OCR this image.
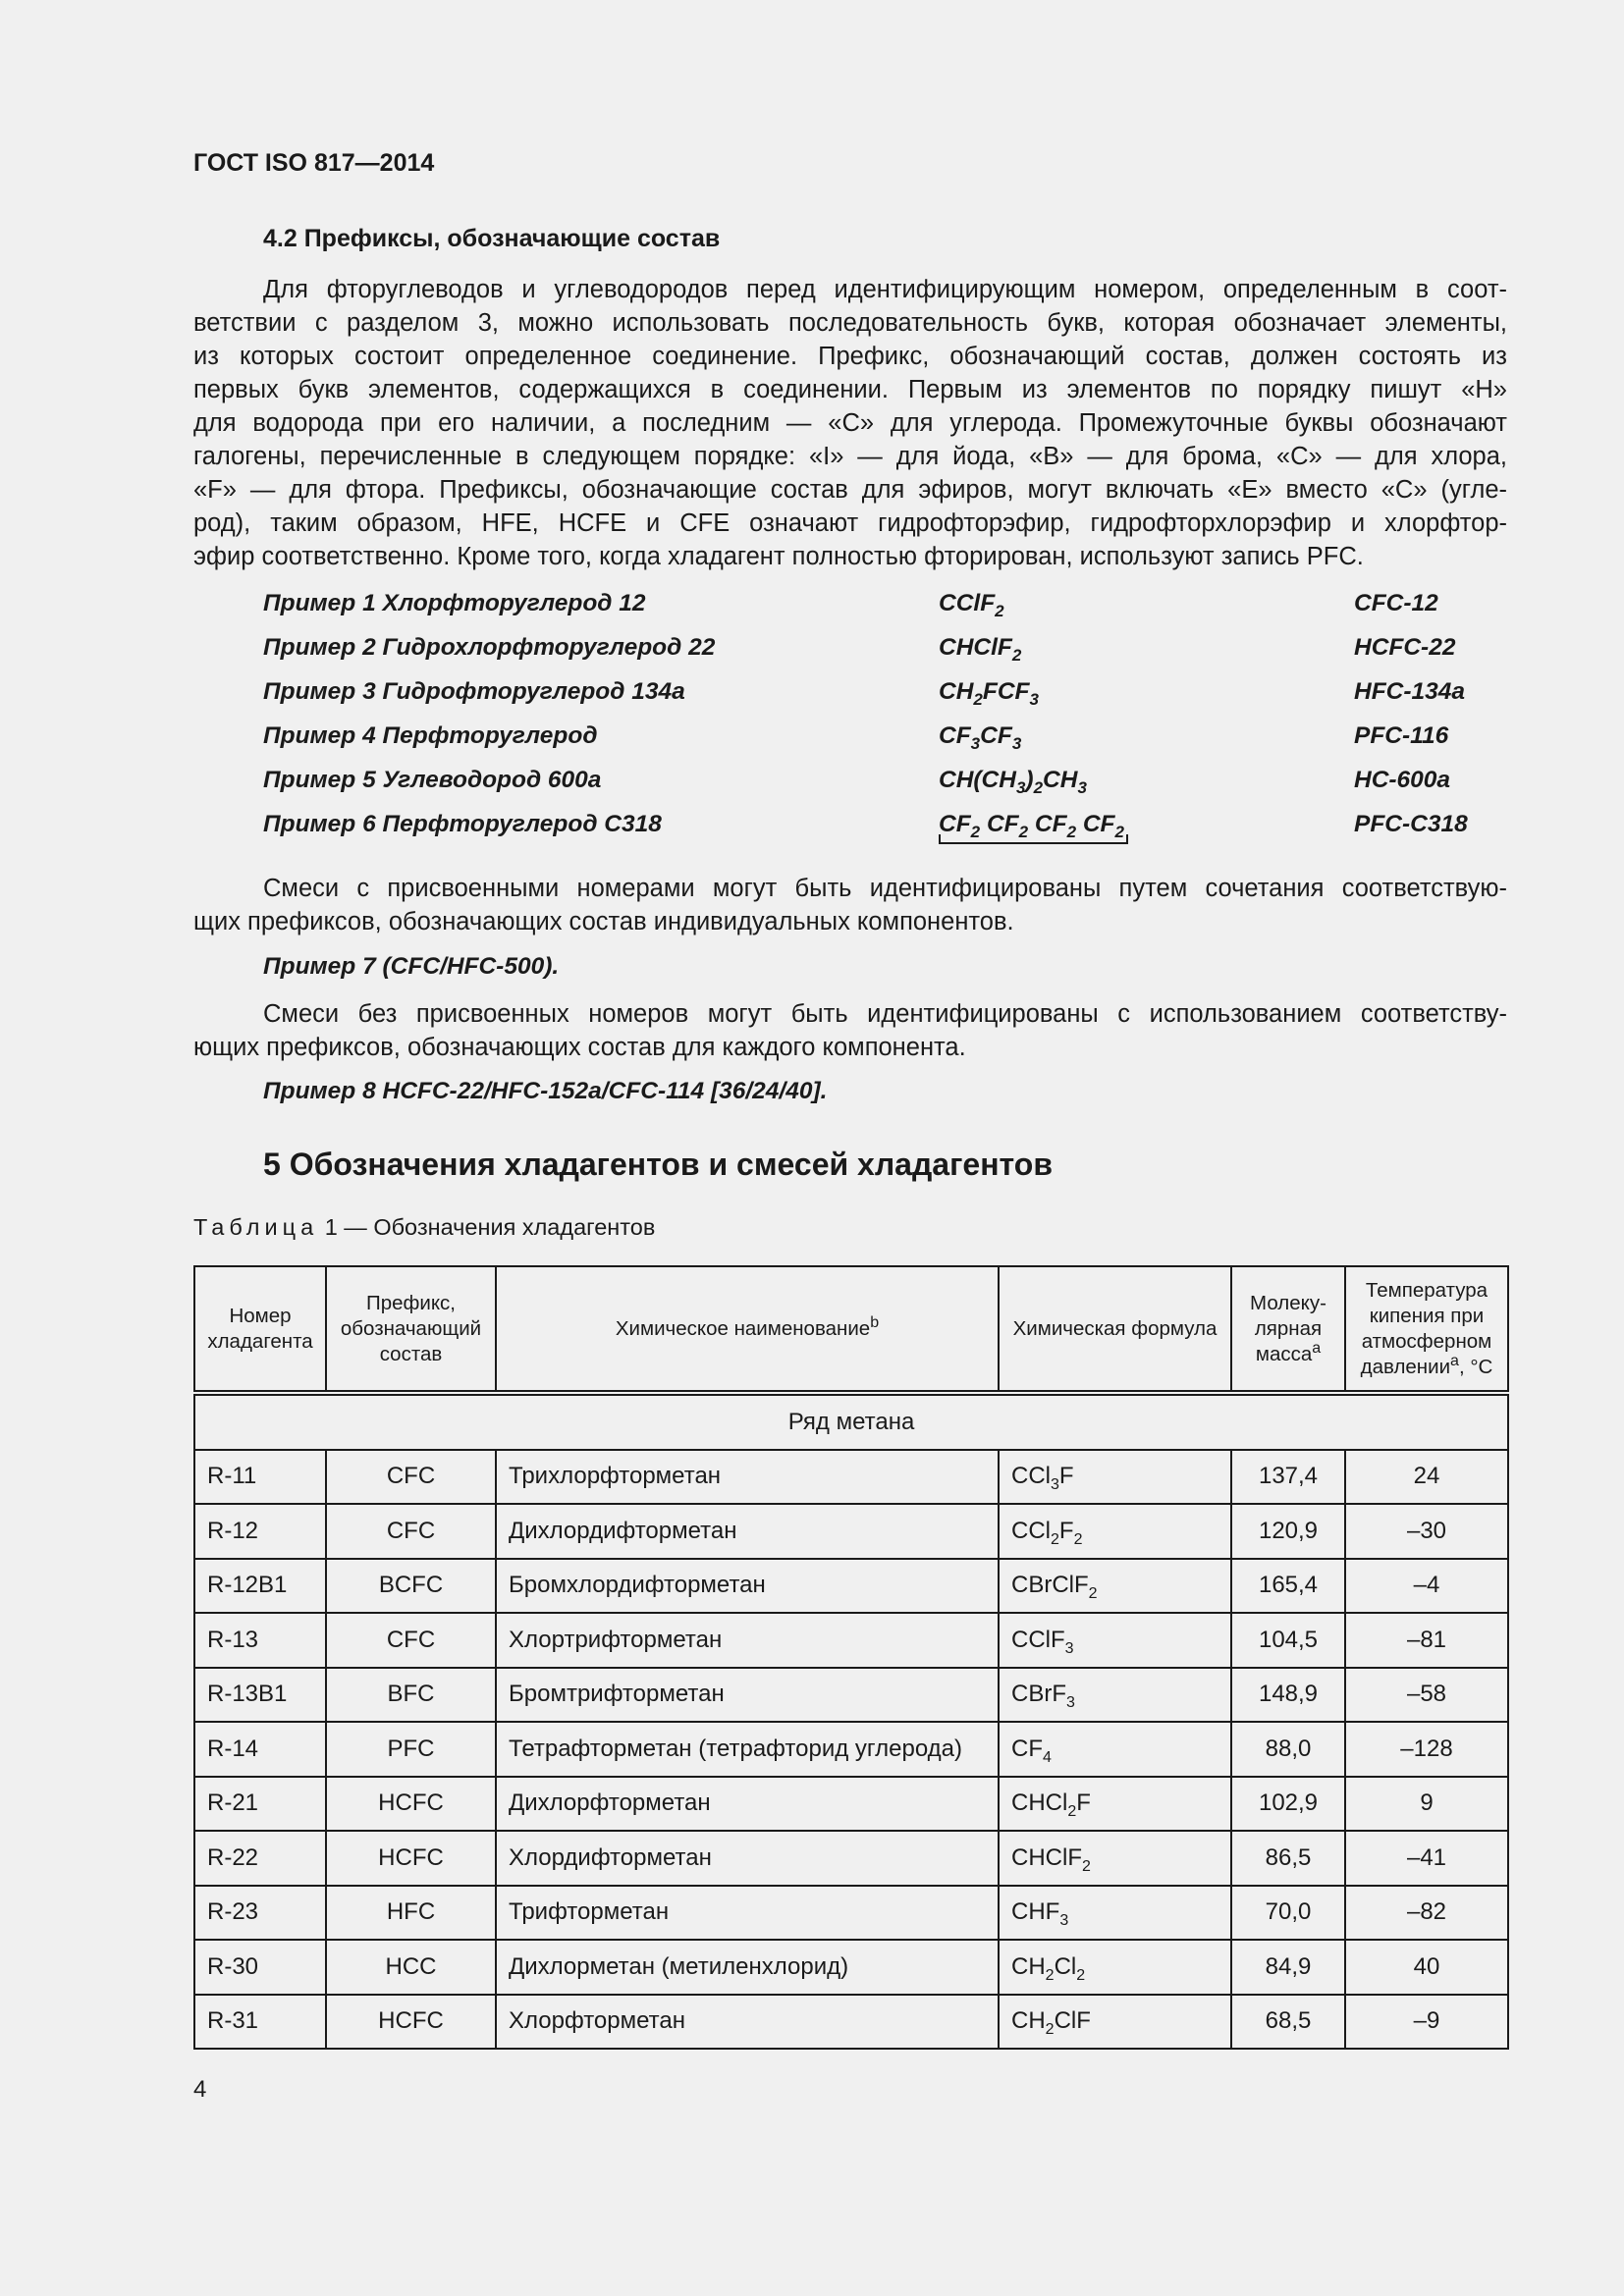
ГОСТ ISO 817—2014
4.2 Префиксы, обозначающие состав

Для фторуглеводов и углеводородов перед идентифицирующим номером, определенным в соот-
ветствии с разделом 3, можно использовать последовательность букв, которая обозначает элементы,
из которых состоит определенное соединение. Префикс, обозначающий состав, должен состоять из
первых букв элементов, содержащихся в соединении. Первым из элементов по порядку пишут «Н»
для водорода при его наличии, а последним — «С» для углерода. Промежуточные буквы обозначают
галогены, перечисленные в следующем порядке: «I» — для йода, «В» — для брома, «С» — для хлора,
«F» — для фтора. Префиксы, обозначающие состав для эфиров, могут включать «Е» вместо «С» (угле-
род), таким образом, HFE, HCFE и CFE означают гидрофторэфир, гидрофторхлорэфир и хлорфтор-
эфир соответственно. Кроме того, когда хладагент полностью фторирован, используют запись PFC.

Пример 1 Хлорфторуглерод 12	CClF$_2$	CFC-12
Пример 2 Гидрохлорфторуглерод 22	CHClF$_2$	HCFC-22
Пример 3 Гидрофторуглерод 134a	$CH_2FCF_3$	HFC-134a
Пример 4 Перфторуглерод	$CF_3CF_3$	PFC-116
Пример 5 Углеводород 600a	$CH(CH_3)_2CH_3$	HC-600a
Пример 6 Перфторуглерод С318	$CF_2$ $CF_2$ $CF_2$ $CF_2$	PFC-C318

Смеси с присвоенными номерами могут быть идентифицированы путем сочетания соответствую-
щих префиксов, обозначающих состав индивидуальных компонентов.

Пример 7 (CFC/HFC-500).

Смеси без присвоенных номеров могут быть идентифицированы с использованием соответству-
ющих префиксов, обозначающих состав для каждого компонента.

Пример 8 HCFC-22/HFC-152a/CFC-114 [36/24/40].
5 Обозначения хладагентов и смесей хладагентов
Таблица 1 — Обозначения хладагентов
Номер хладагента	Префикс, обозначающий состав	Химическое наименование$^b$	Химическая формула	Молеку-лярная масса$^а$	Температура кипения при атмосферном давлении$^а$, °С
Ряд метана					
R-11	CFC	Трихлорфторметан	CCl$_3$F	137,4	24
R-12	CFC	Дихлордифторметан	$CCl_2F_2$	120,9	–30
R-12B1	BCFC	Бромхлордифторметан	CBrClF$_2$	165,4	–4
R-13	CFC	Хлортрифторметан	CClF$_3$	104,5	–81
R-13B1	BFC	Бромтрифторметан	CBrF$_3$	148,9	–58
R-14	PFC	Тетрафторметан (тетрафторид углерода)	$CF_4$	88,0	–128
R-21	HCFC	Дихлорфторметан	CHCl$_2$F	102,9	9
R-22	HCFC	Хлордифторметан	CHClF$_2$	86,5	–41
R-23	HFC	Трифторметан	$CHF_3$	70,0	–82
R-30	HCC	Дихлорметан (метиленхлорид)	$CH_2Cl_2$	84,9	40
R-31	HCFC	Хлорфторметан	$CH_2ClF$	68,5	–9
4
